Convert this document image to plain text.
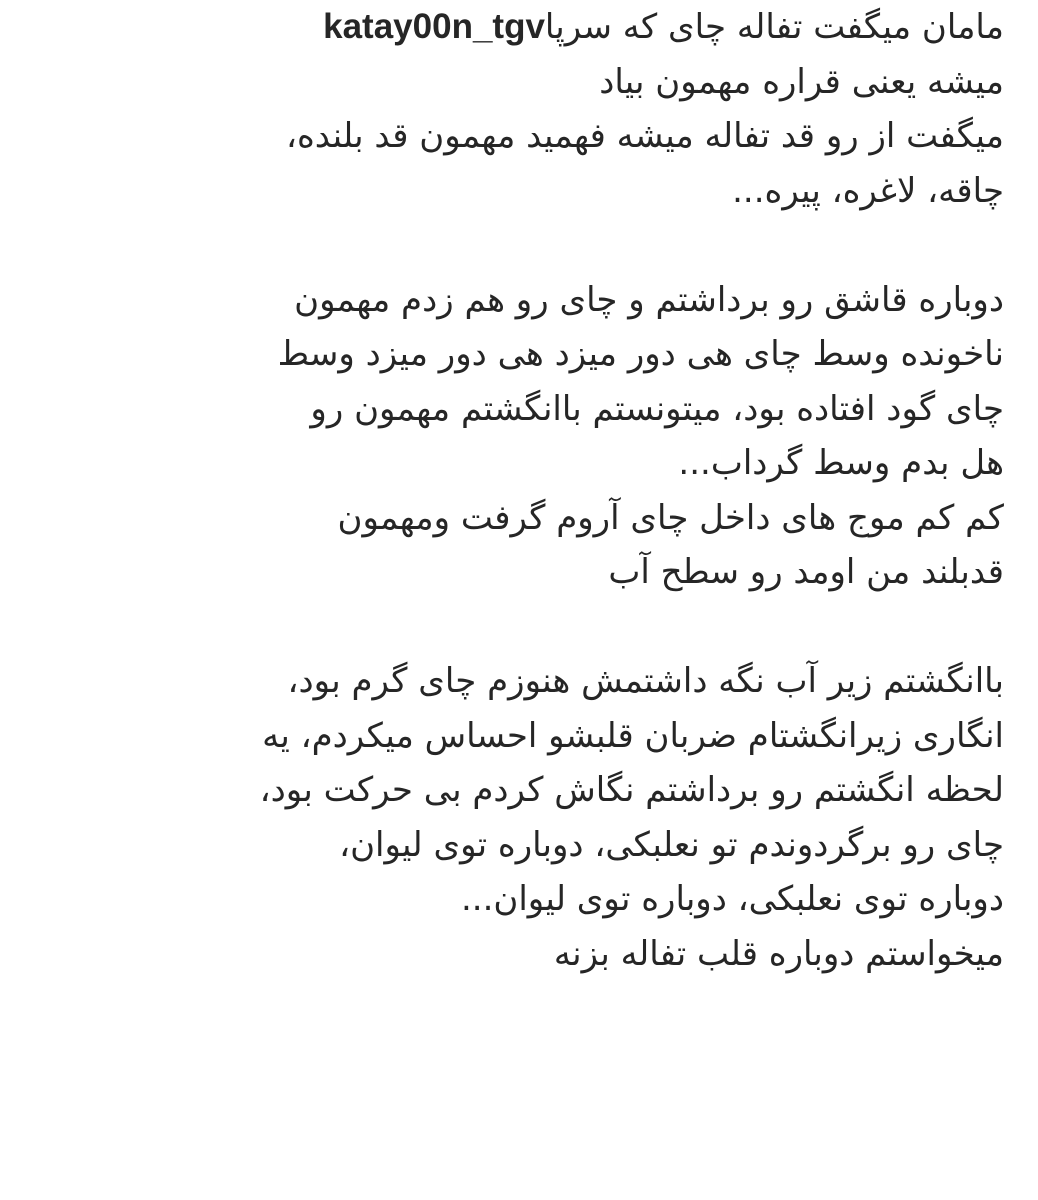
مامان میگفت تفاله چای که سرپاkatay00n_tgv
میشه یعنی قراره مهمون بیاد
میگفت از رو قد تفاله میشه فهمید مهمون قد بلنده،
چاقه، لاغره، پیره...
دوباره قاشق رو برداشتم و چای رو هم زدم مهمون
ناخونده وسط چای هی دور میزد هی دور میزد وسط
چای گود افتاده بود، میتونستم باانگشتم مهمون رو
هل بدم وسط گرداب...
کم کم موج های داخل چای آروم گرفت ومهمون
قدبلند من اومد رو سطح آب
باانگشتم زیر آب نگه داشتمش هنوزم چای گرم بود،
انگاری زیرانگشتام ضربان قلبشو احساس میکردم، یه
لحظه انگشتم رو برداشتم نگاش کردم بی حرکت بود،
چای رو برگردوندم تو نعلبکی، دوباره توی لیوان،
دوباره توی نعلبکی، دوباره توی لیوان...
میخواستم دوباره قلب تفاله بزنه
